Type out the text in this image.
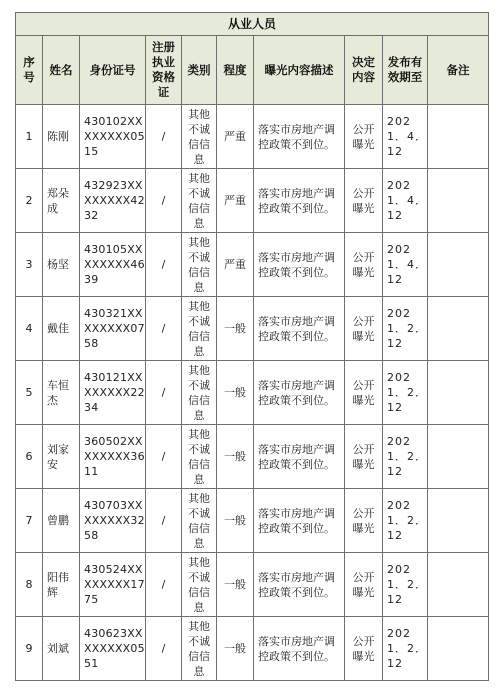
从业人员									
序号	姓名	身份证号	注册执业资格证	类别	程度	曝光内容描述	决定内容	发布有效期至	备注
1	陈刚	430102XXXXXXXX0515	/	其他不诚信信息	严重	落实市房地产调控政策不到位。	公开曝光	2021．4．12	
2	郑朵成	432923XXXXXXXX4232	/	其他不诚信信息	严重	落实市房地产调控政策不到位。	公开曝光	2021．4．12	
3	杨坚	430105XXXXXXXX4639	/	其他不诚信信息	严重	落实市房地产调控政策不到位。	公开曝光	2021．4．12	
4	戴佳	430321XXXXXXXX0758	/	其他不诚信信息	一般	落实市房地产调控政策不到位。	公开曝光	2021．2．12	
5	车恒杰	430121XXXXXXXX2234	/	其他不诚信信息	一般	落实市房地产调控政策不到位。	公开曝光	2021．2．12	
6	刘家安	360502XXXXXXXX3611	/	其他不诚信信息	一般	落实市房地产调控政策不到位。	公开曝光	2021．2．12	
7	曾鹏	430703XXXXXXXX3258	/	其他不诚信信息	一般	落实市房地产调控政策不到位。	公开曝光	2021．2．12	
8	阳伟辉	430524XXXXXXXX1775	/	其他不诚信信息	一般	落实市房地产调控政策不到位。	公开曝光	2021．2．12	
9	刘斌	430623XXXXXXXX0551	/	其他不诚信信息	一般	落实市房地产调控政策不到位。	公开曝光	2021．2．12	
